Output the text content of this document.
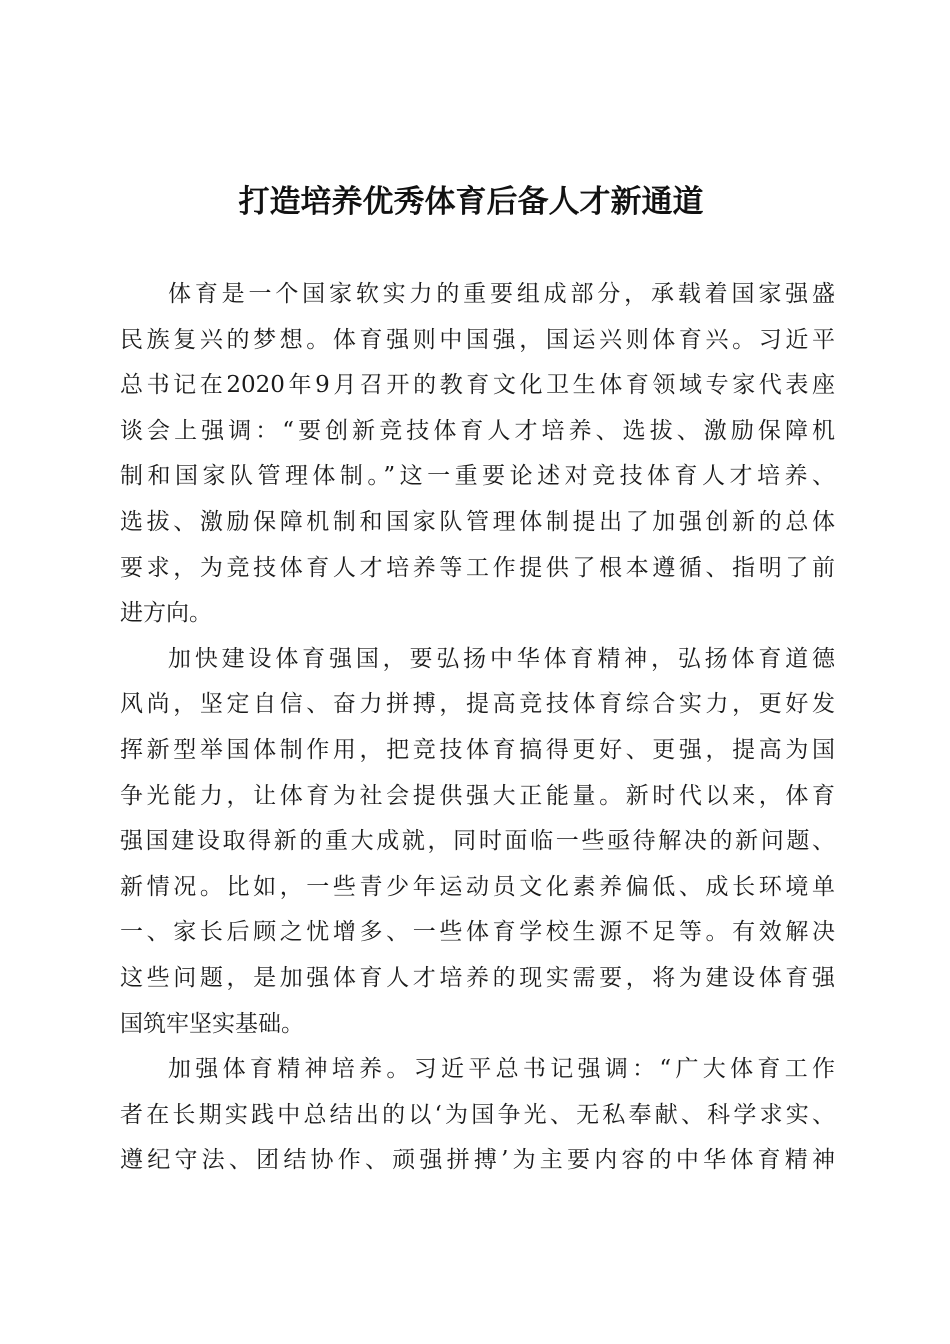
打造培养优秀体育后备人才新通道

体育是一个国家软实力的重要组成部分，承载着国家强盛
民族复兴的梦想。体育强则中国强，国运兴则体育兴。习近平
总书记在2020年9月召开的教育文化卫生体育领域专家代表座
谈会上强调：“要创新竞技体育人才培养、选拔、激励保障机
制和国家队管理体制。”这一重要论述对竞技体育人才培养、
选拔、激励保障机制和国家队管理体制提出了加强创新的总体
要求，为竞技体育人才培养等工作提供了根本遵循、指明了前
进方向。

加快建设体育强国，要弘扬中华体育精神，弘扬体育道德
风尚，坚定自信、奋力拼搏，提高竞技体育综合实力，更好发
挥新型举国体制作用，把竞技体育搞得更好、更强，提高为国
争光能力，让体育为社会提供强大正能量。新时代以来，体育
强国建设取得新的重大成就，同时面临一些亟待解决的新问题、
新情况。比如，一些青少年运动员文化素养偏低、成长环境单
一、家长后顾之忧增多、一些体育学校生源不足等。有效解决
这些问题，是加强体育人才培养的现实需要，将为建设体育强
国筑牢坚实基础。

加强体育精神培养。习近平总书记强调：“广大体育工作
者在长期实践中总结出的以‘为国争光、无私奉献、科学求实、
遵纪守法、团结协作、顽强拼搏’为主要内容的中华体育精神
